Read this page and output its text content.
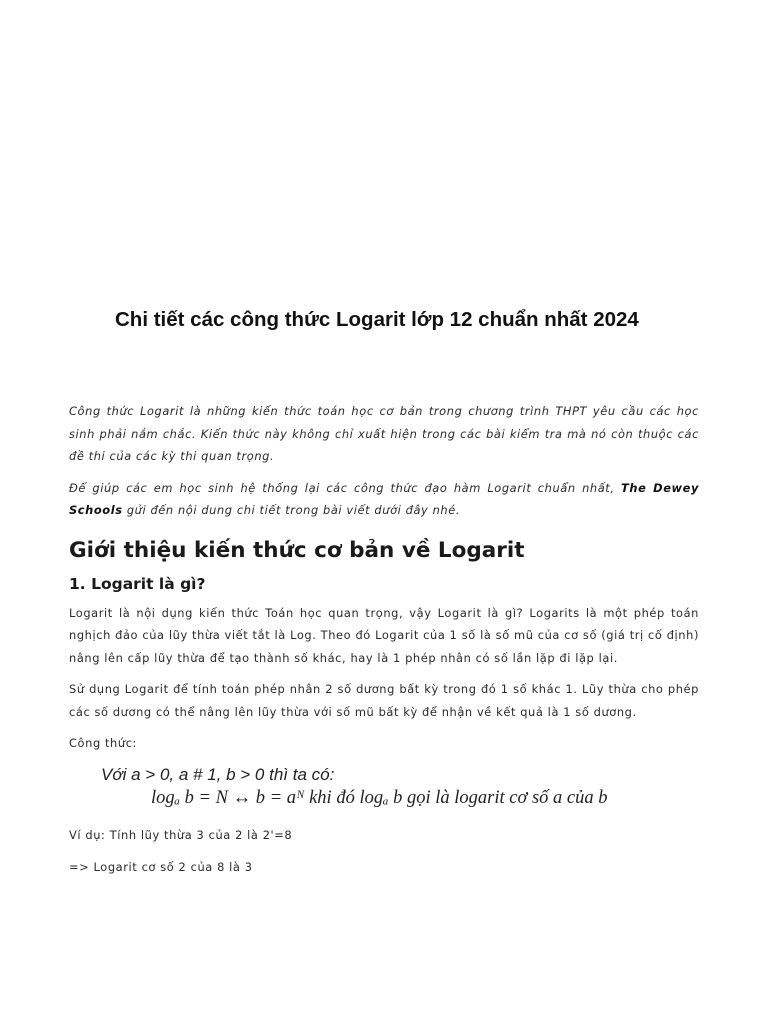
Chi tiết các công thức Logarit lớp 12 chuẩn nhất 2024

Công thức Logarit là những kiến thức toán học cơ bản trong chương trình THPT yêu cầu các học sinh phải nắm chắc. Kiến thức này không chỉ xuất hiện trong các bài kiểm tra mà nó còn thuộc các đề thi của các kỳ thi quan trọng.

Để giúp các em học sinh hệ thống lại các công thức đạo hàm Logarit chuẩn nhất, The Dewey Schools gửi đến nội dung chi tiết trong bài viết dưới đây nhé.

Giới thiệu kiến thức cơ bản về Logarit
1. Logarit là gì?

Logarit là nội dụng kiến thức Toán học quan trọng, vậy Logarit là gì? Logarits là một phép toán nghịch đảo của lũy thừa viết tắt là Log. Theo đó Logarit của 1 số là số mũ của cơ số (giá trị cố định) nâng lên cấp lũy thừa để tạo thành số khác, hay là 1 phép nhân có số lần lặp đi lặp lại.

Sử dụng Logarit để tính toán phép nhân 2 số dương bất kỳ trong đó 1 số khác 1. Lũy thừa cho phép các số dương có thể nâng lên lũy thừa với số mũ bất kỳ để nhận về kết quả là 1 số dương.

Công thức:

Với a > 0, a # 1, b > 0 thì ta có:
logₐ b = N ↔ b = aᴺ khi đó logₐ b gọi là logarit cơ số a của b

Ví dụ: Tính lũy thừa 3 của 2 là 2'=8

=> Logarit cơ số 2 của 8 là 3
